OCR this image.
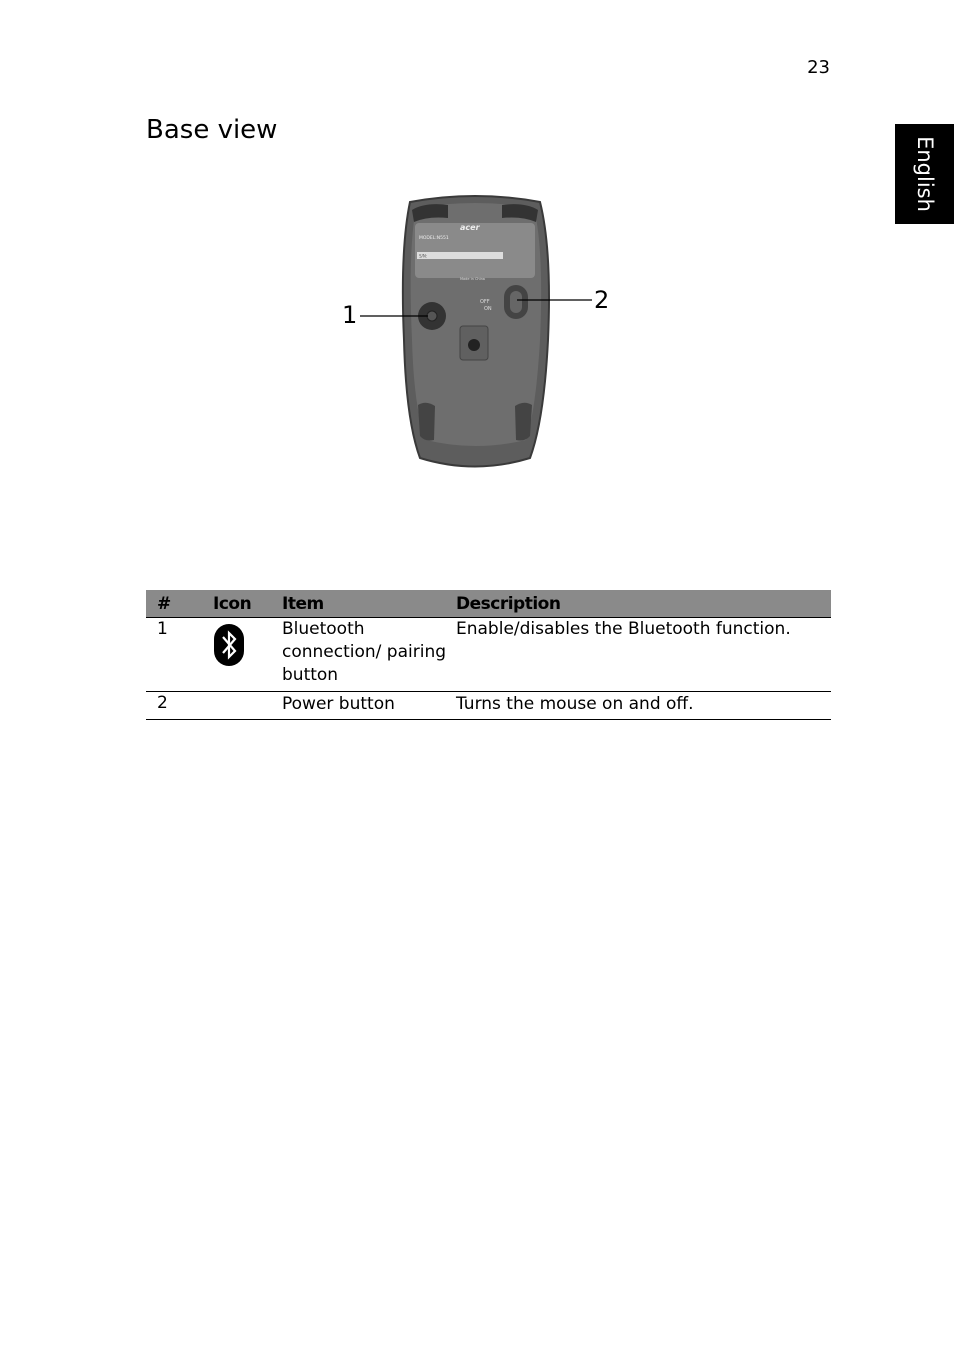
23
Base view
English
acer
MODEL:N551
S/N:
Made in China
OFF
ON
1
2
#	Icon	Item	Description
1		Bluetooth connection/ pairing button	Enable/disables the Bluetooth function.
2		Power button	Turns the mouse on and off.
